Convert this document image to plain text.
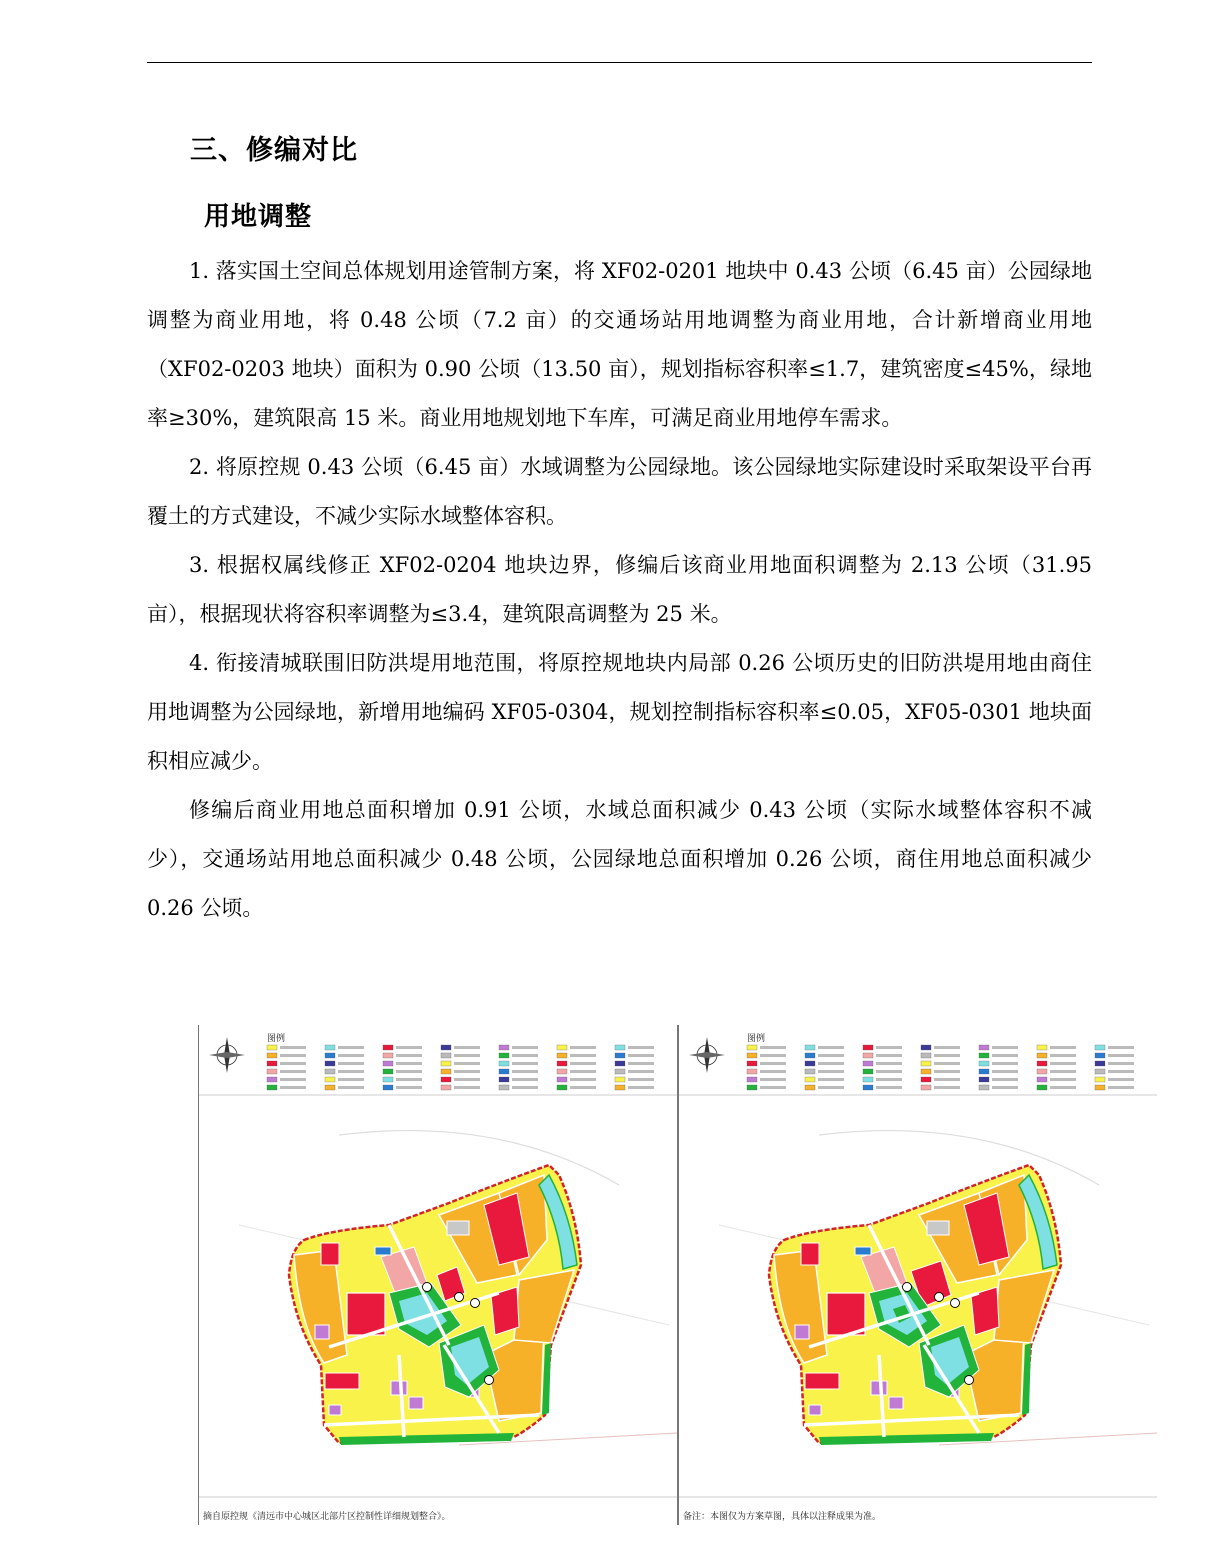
三、修编对比
用地调整

1. 落实国土空间总体规划用途管制方案，将 XF02-0201 地块中 0.43 公顷（6.45 亩）公园绿地调整为商业用地，将 0.48 公顷（7.2 亩）的交通场站用地调整为商业用地，合计新增商业用地（XF02-0203 地块）面积为 0.90 公顷（13.50 亩），规划指标容积率≤1.7，建筑密度≤45%，绿地率≥30%，建筑限高 15 米。商业用地规划地下车库，可满足商业用地停车需求。

2. 将原控规 0.43 公顷（6.45 亩）水域调整为公园绿地。该公园绿地实际建设时采取架设平台再覆土的方式建设，不减少实际水域整体容积。

3. 根据权属线修正 XF02-0204 地块边界，修编后该商业用地面积调整为 2.13 公顷（31.95 亩），根据现状将容积率调整为≤3.4，建筑限高调整为 25 米。

4. 衔接清城联围旧防洪堤用地范围，将原控规地块内局部 0.26 公顷历史的旧防洪堤用地由商住用地调整为公园绿地，新增用地编码 XF05-0304，规划控制指标容积率≤0.05，XF05-0301 地块面积相应减少。

修编后商业用地总面积增加 0.91 公顷，水域总面积减少 0.43 公顷（实际水域整体容积不减少），交通场站用地总面积减少 0.48 公顷，公园绿地总面积增加 0.26 公顷，商住用地总面积减少 0.26 公顷。

图例
摘自原控规《清远市中心城区北部片区控制性详细规划整合》。
图例
备注：本图仅为方案草图，具体以注释成果为准。
